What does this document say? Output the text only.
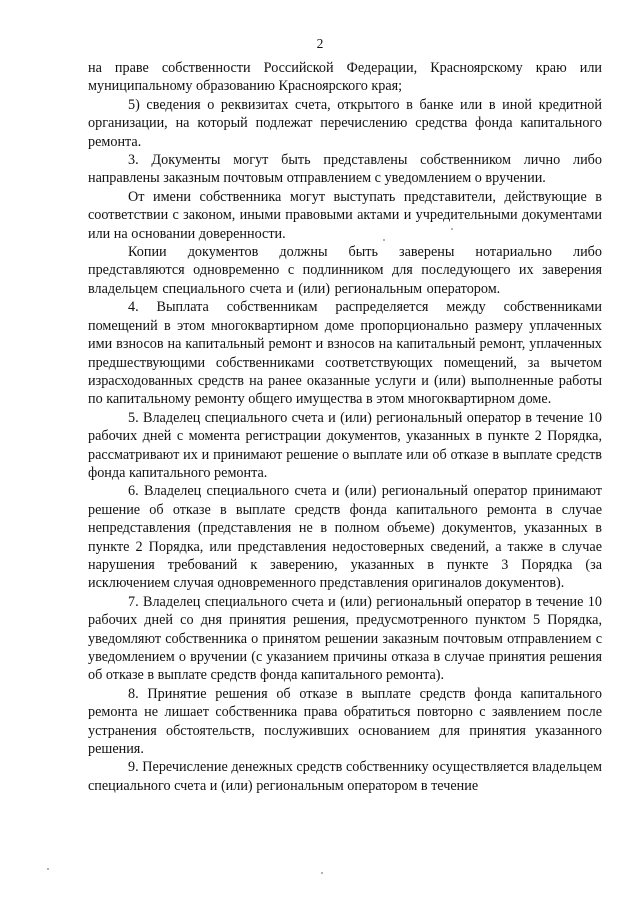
2

на праве собственности Российской Федерации, Красноярскому краю или муниципальному образованию Красноярского края;

5) сведения о реквизитах счета, открытого в банке или в иной кредитной организации, на который подлежат перечислению средства фонда капитального ремонта.

3. Документы могут быть представлены собственником лично либо направлены заказным почтовым отправлением с уведомлением о вручении.

От имени собственника могут выступать представители, действующие в соответствии с законом, иными правовыми актами и учредительными документами или на основании доверенности.

Копии документов должны быть заверены нотариально либо представляются одновременно с подлинником для последующего их заверения владельцем специального счета и (или) региональным оператором.

4. Выплата собственникам распределяется между собственниками помещений в этом многоквартирном доме пропорционально размеру уплаченных ими взносов на капитальный ремонт и взносов на капитальный ремонт, уплаченных предшествующими собственниками соответствующих помещений, за вычетом израсходованных средств на ранее оказанные услуги и (или) выполненные работы по капитальному ремонту общего имущества в этом многоквартирном доме.

5. Владелец специального счета и (или) региональный оператор в течение 10 рабочих дней с момента регистрации документов, указанных в пункте 2 Порядка, рассматривают их и принимают решение о выплате или об отказе в выплате средств фонда капитального ремонта.

6. Владелец специального счета и (или) региональный оператор принимают решение об отказе в выплате средств фонда капитального ремонта в случае непредставления (представления не в полном объеме) документов, указанных в пункте 2 Порядка, или представления недостоверных сведений, а также в случае нарушения требований к заверению, указанных в пункте 3 Порядка (за исключением случая одновременного представления оригиналов документов).

7. Владелец специального счета и (или) региональный оператор в течение 10 рабочих дней со дня принятия решения, предусмотренного пунктом 5 Порядка, уведомляют собственника о принятом решении заказным почтовым отправлением с уведомлением о вручении (с указанием причины отказа в случае принятия решения об отказе в выплате средств фонда капитального ремонта).

8. Принятие решения об отказе в выплате средств фонда капитального ремонта не лишает собственника права обратиться повторно с заявлением после устранения обстоятельств, послуживших основанием для принятия указанного решения.

9. Перечисление денежных средств собственнику осуществляется владельцем специального счета и (или) региональным оператором в течение
